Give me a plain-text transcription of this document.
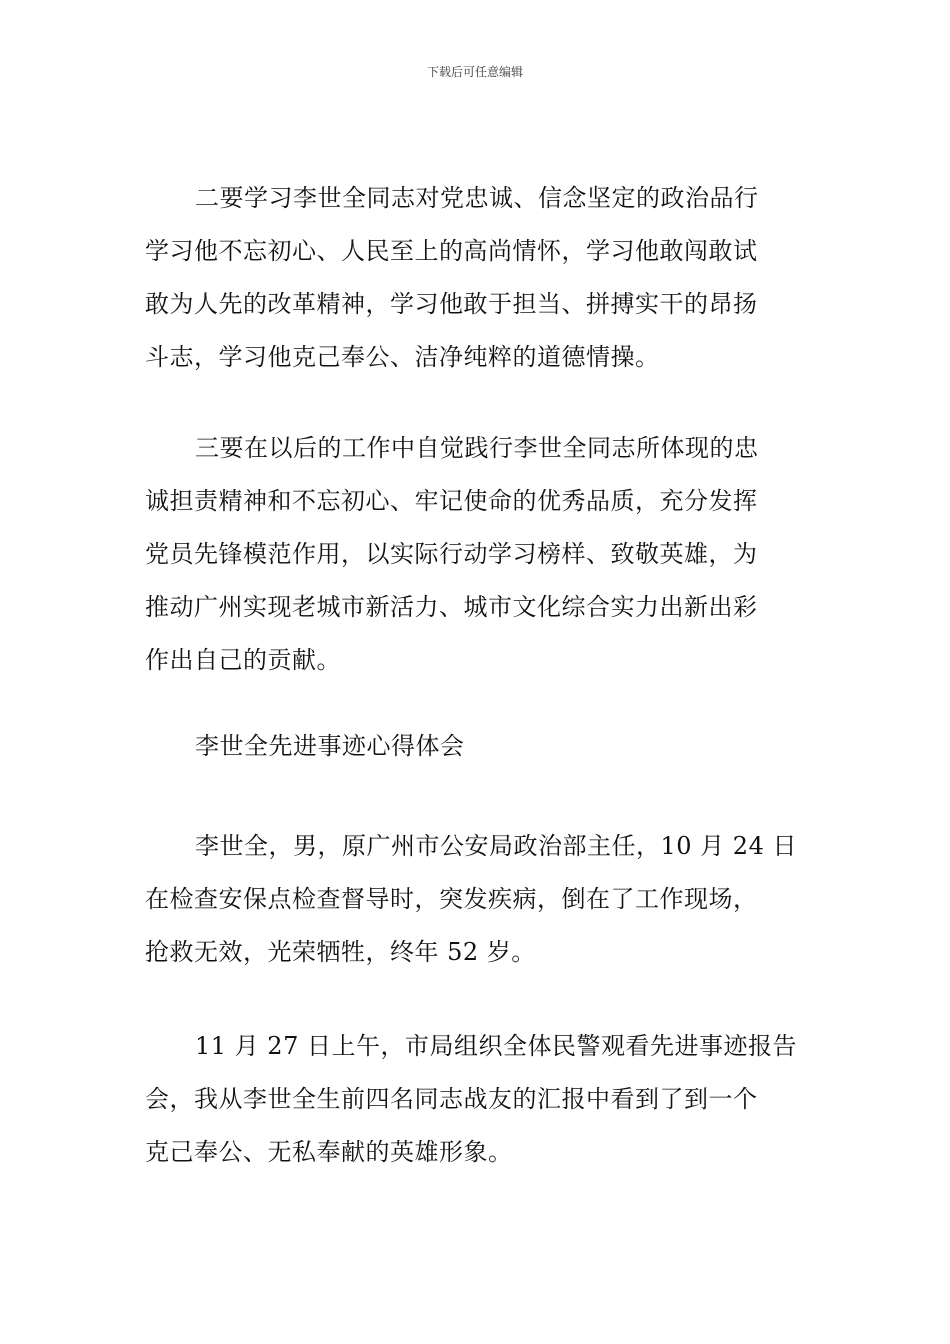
下载后可任意编辑
二要学习李世全同志对党忠诚、信念坚定的政治品行
学习他不忘初心、人民至上的高尚情怀，学习他敢闯敢试
敢为人先的改革精神，学习他敢于担当、拼搏实干的昂扬
斗志，学习他克己奉公、洁净纯粹的道德情操。
三要在以后的工作中自觉践行李世全同志所体现的忠
诚担责精神和不忘初心、牢记使命的优秀品质，充分发挥
党员先锋模范作用，以实际行动学习榜样、致敬英雄，为
推动广州实现老城市新活力、城市文化综合实力出新出彩
作出自己的贡献。
李世全先进事迹心得体会
李世全，男，原广州市公安局政治部主任，10 月 24 日
在检查安保点检查督导时，突发疾病，倒在了工作现场，
抢救无效，光荣牺牲，终年 52 岁。
11 月 27 日上午，市局组织全体民警观看先进事迹报告
会，我从李世全生前四名同志战友的汇报中看到了到一个
克己奉公、无私奉献的英雄形象。
